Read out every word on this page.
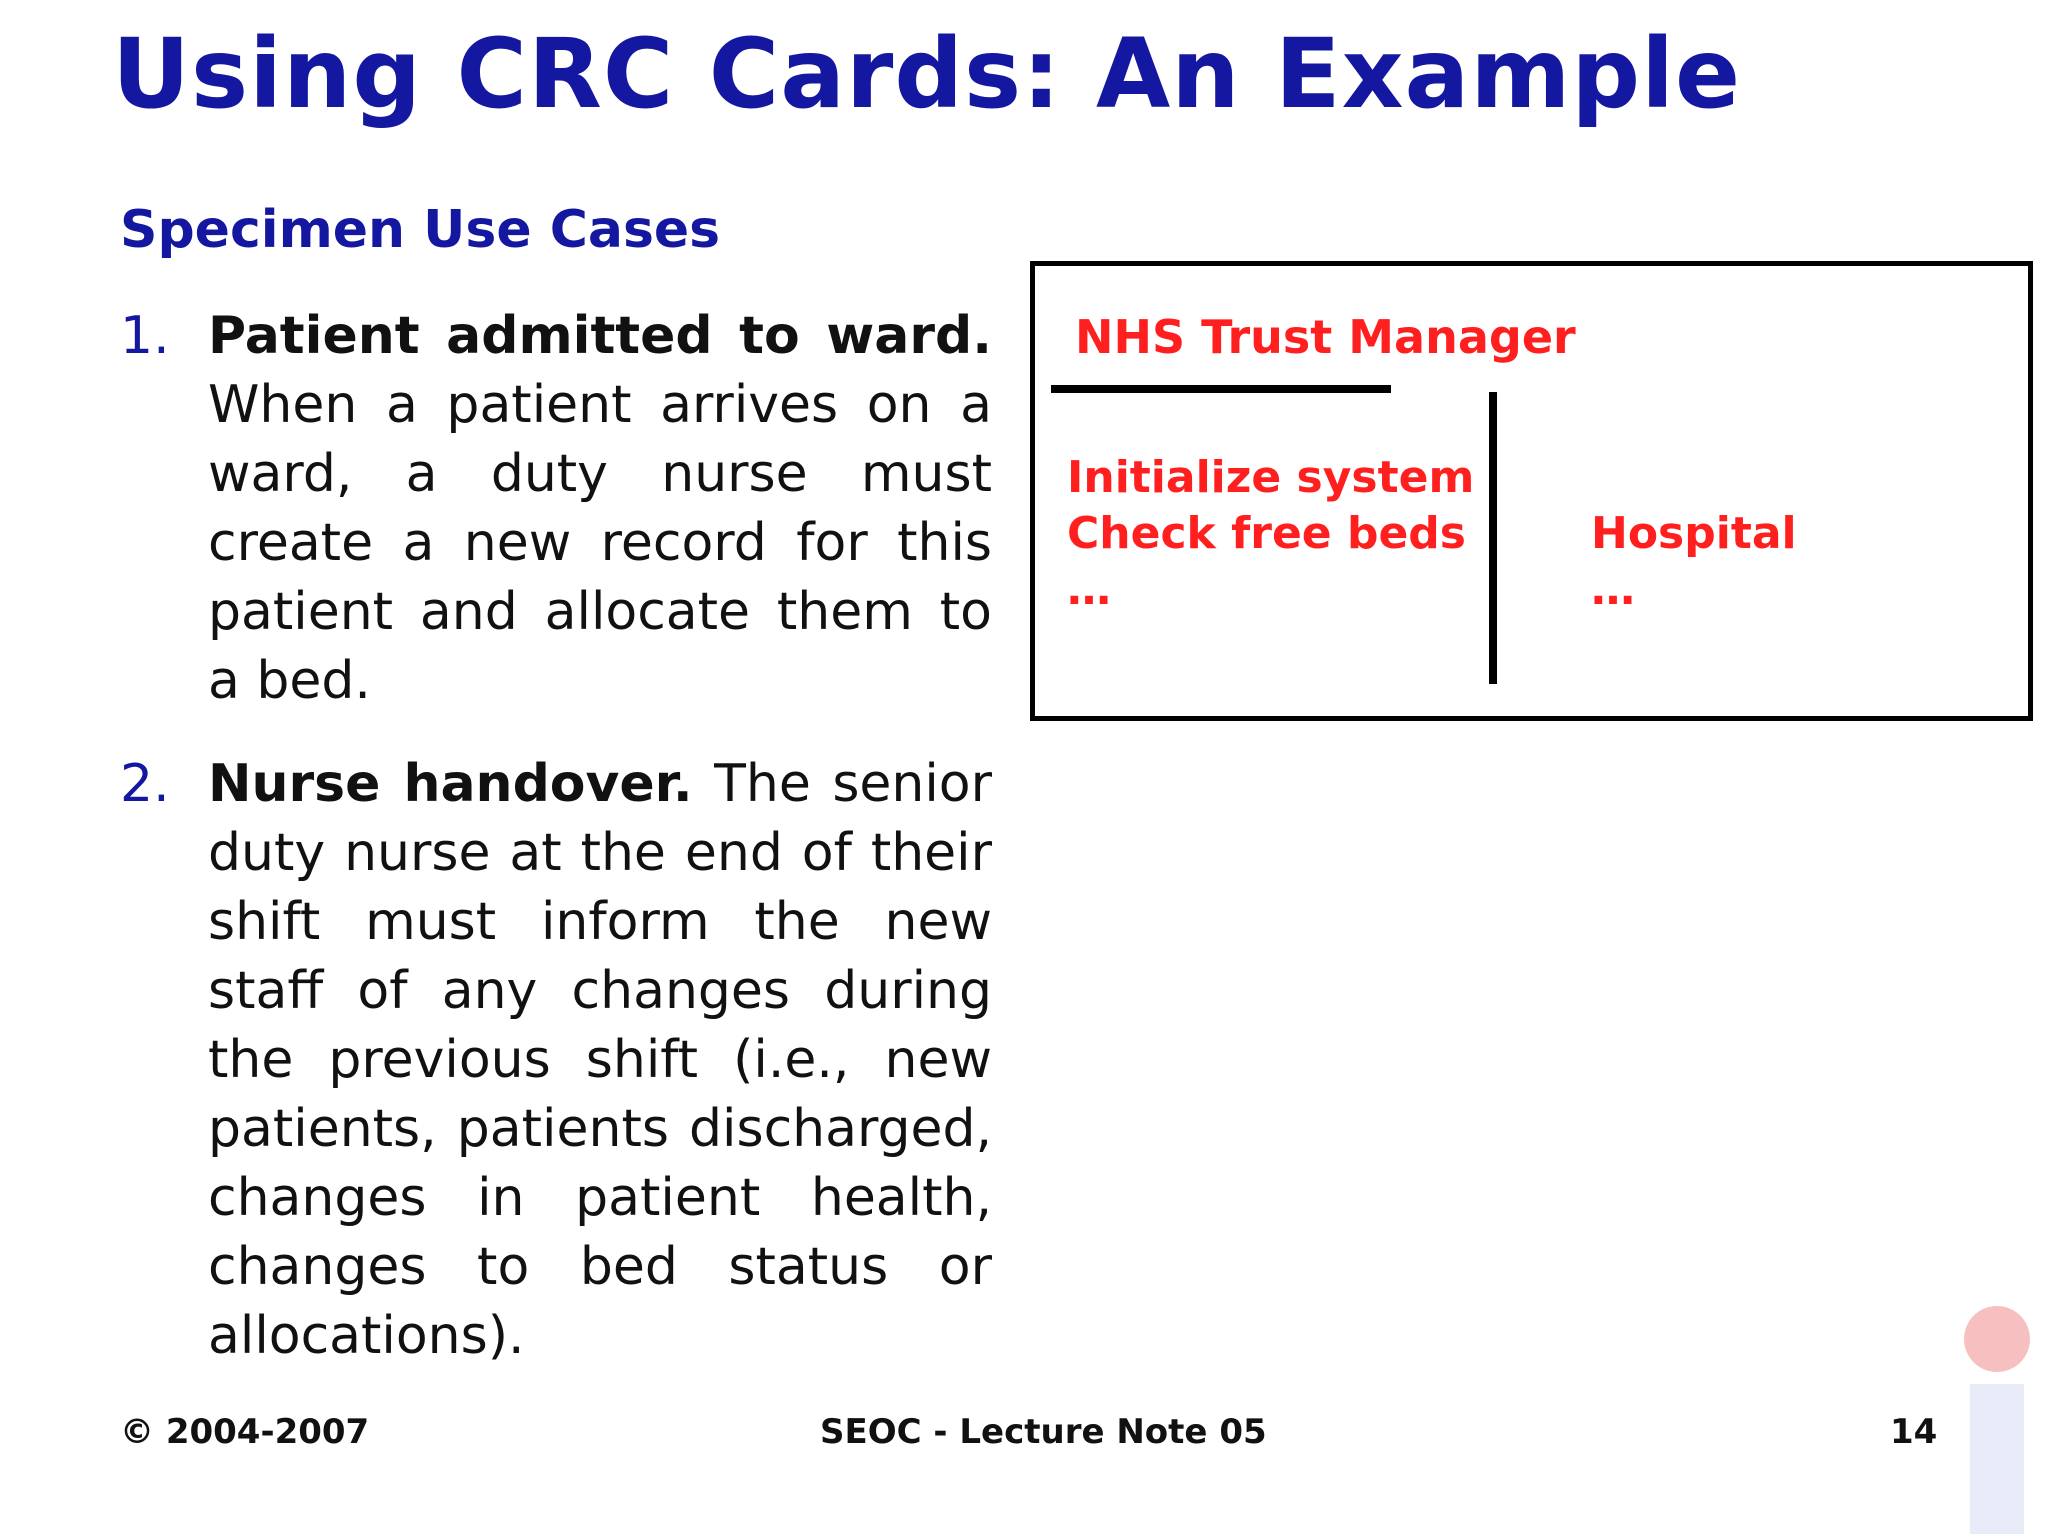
Using CRC Cards: An Example
Specimen Use Cases
1. Patient admitted to ward. When a patient arrives on a ward, a duty nurse must create a new record for this patient and allocate them to a bed.
2. Nurse handover. The senior duty nurse at the end of their shift must inform the new staff of any changes during the previous shift (i.e., new patients, patients discharged, changes in patient health, changes to bed status or allocations).
NHS Trust Manager
Initialize system
Check free beds
…
Hospital
…
© 2004-2007	SEOC - Lecture Note 05	14
